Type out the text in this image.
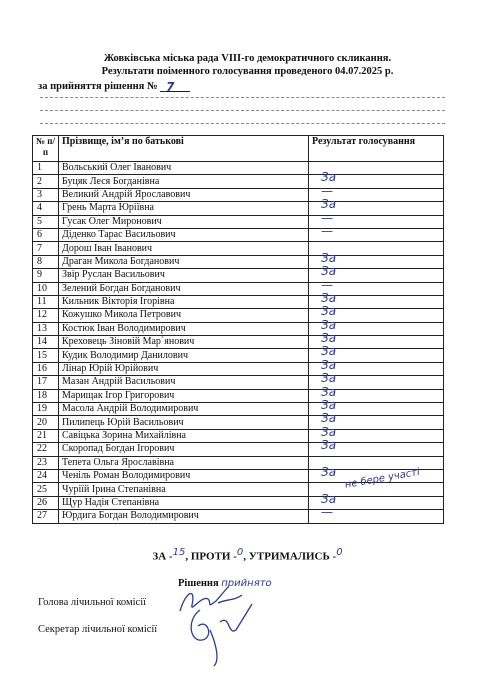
Жовківська міська рада VIII-го демократичного скликання.
Результати поіменного голосування проведеного 04.07.2025 р.
за прийняття рішення № 7
№ п/п	Прізвище, ім’я по батькові	Результат голосування
1	Вольський Олег Іванович	

2	Буцяк Леся Богданівна	За

3	Великий Андрій Ярославович	—

4	Грень Марта Юріївна	За

5	Гусак Олег Миронович	—

6	Діденко Тарас Васильович	—

7	Дорош Іван Іванович	

8	Драган Микола Богданович	За

9	Звір Руслан Васильович	За

10	Зелений Богдан Богданович	—

11	Кильник Вікторія Ігорівна	За

12	Кожушко Микола Петрович	За

13	Костюк Іван Володимирович	За

14	Креховець Зіновій Мар`янович	За

15	Кудик Володимир Данилович	За

16	Лінар Юрій Юрійович	За

17	Мазан Андрій Васильович	За

18	Марищак Ігор Григорович	За

19	Масола Андрій Володимирович	За

20	Пилипець Юрій Васильович	За

21	Савіцька Зорина Михайлівна	За

22	Скоропад Богдан Ігорович	За

23	Тепета Ольга Ярославівна	

24	Ченіль Роман Володимирович	За

25	Чуріїй Ірина Степанівна	

26	Щур Надія Степанівна	За

27	Юрдига Богдан Володимирович	—
не бере участі
ЗА -15, ПРОТИ -0, УТРИМАЛИСЬ -0
Рішення прийнято
Голова лічильної комісії
Секретар лічильної комісії
